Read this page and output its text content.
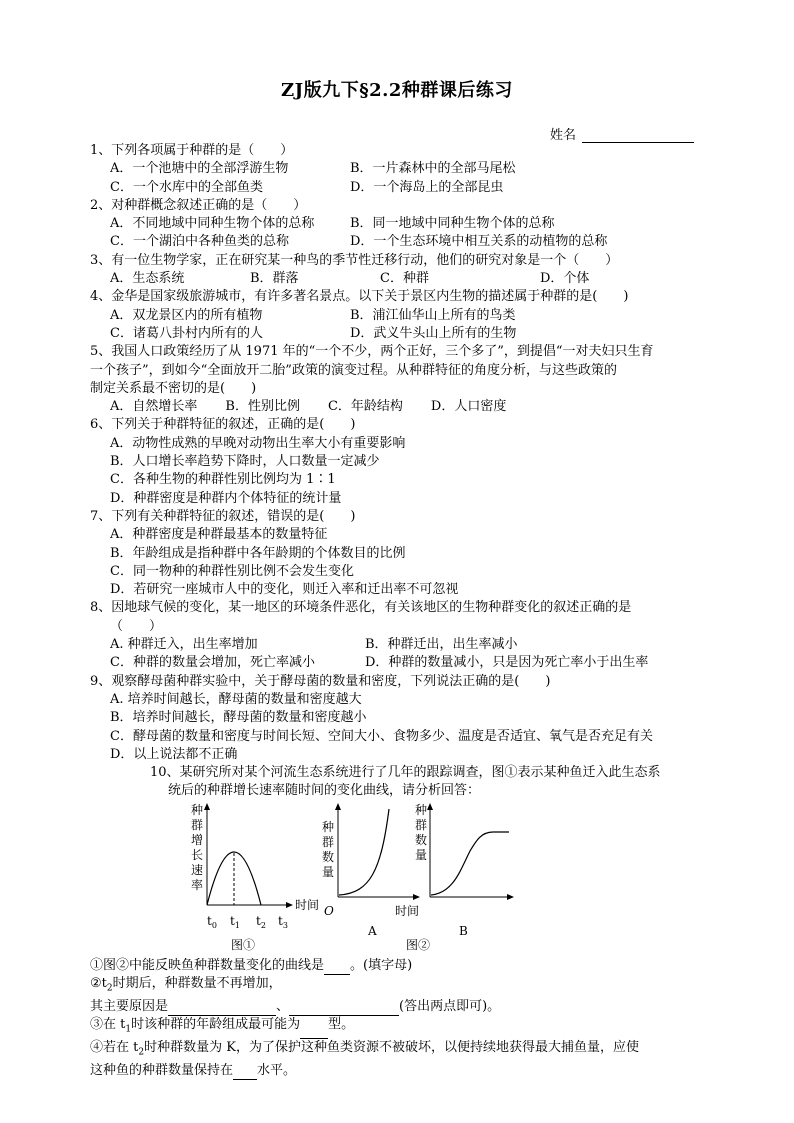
ZJ版九下§2.2种群课后练习
姓名
1、下列各项属于种群的是（　　）
A．一个池塘中的全部浮游生物	B．一片森林中的全部马尾松
C．一个水库中的全部鱼类	D．一个海岛上的全部昆虫
2、对种群概念叙述正确的是（　　）
A．不同地域中同种生物个体的总称	B．同一地域中同种生物个体的总称
C．一个湖泊中各种鱼类的总称	D．一个生态环境中相互关系的动植物的总称
3、有一位生物学家，正在研究某一种鸟的季节性迁移行动，他们的研究对象是一个（　　）
A．生态系统	B．群落	C．种群	D．个体
4、金华是国家级旅游城市，有许多著名景点。以下关于景区内生物的描述属于种群的是(　　)
A．双龙景区内的所有植物	B．浦江仙华山上所有的鸟类
C．诸葛八卦村内所有的人	D．武义牛头山上所有的生物
5、我国人口政策经历了从 1971 年的“一个不少，两个正好，三个多了”，到提倡“一对夫妇只生育
一个孩子”，到如今“全面放开二胎”政策的演变过程。从种群特征的角度分析，与这些政策的
制定关系最不密切的是(　　)
A．自然增长率 B．性别比例 C．年龄结构 D．人口密度
6、下列关于种群特征的叙述，正确的是(　　)
A．动物性成熟的早晚对动物出生率大小有重要影响
B．人口增长率趋势下降时，人口数量一定减少
C．各种生物的种群性别比例均为 1∶1
D．种群密度是种群内个体特征的统计量
7、下列有关种群特征的叙述，错误的是(　　)
A．种群密度是种群最基本的数量特征
B．年龄组成是指种群中各年龄期的个体数目的比例
C．同一物种的种群性别比例不会发生变化
D．若研究一座城市人中的变化，则迁入率和迁出率不可忽视
8、因地球气候的变化，某一地区的环境条件恶化，有关该地区的生物种群变化的叙述正确的是
（　　）
A. 种群迁入，出生率增加	B．种群迁出，出生率减小
C．种群的数量会增加，死亡率减小	D．种群的数量减小，只是因为死亡率小于出生率
9、观察酵母菌种群实验中，关于酵母菌的数量和密度，下列说法正确的是(　　)
A. 培养时间越长，酵母菌的数量和密度越大
B．培养时间越长，酵母菌的数量和密度越小
C．酵母菌的数量和密度与时间长短、空间大小、食物多少、温度是否适宜、氧气是否充足有关
D．以上说法都不正确
10、某研究所对某个河流生态系统进行了几年的跟踪调查，图①表示某种鱼迁入此生态系
统后的种群增长速率随时间的变化曲线，请分析回答：
种
群
增
长
速
率
时间
$t_0$ $t_1$ $t_2$ $t_3$
图①
种
群
数
量
O	时间
A
种
群
数
量
B
图②
①图②中能反映鱼种群数量变化的曲线是 。(填字母)
$②t_2$时期后，种群数量不再增加，
其主要原因是	、	(答出两点即可)。
③在 $t_1$时该种群的年龄组成最可能为 型。
④若在 $t_2$时种群数量为 K，为了保护这种鱼类资源不被破坏，以便持续地获得最大捕鱼量，应使
这种鱼的种群数量保持在 水平。
